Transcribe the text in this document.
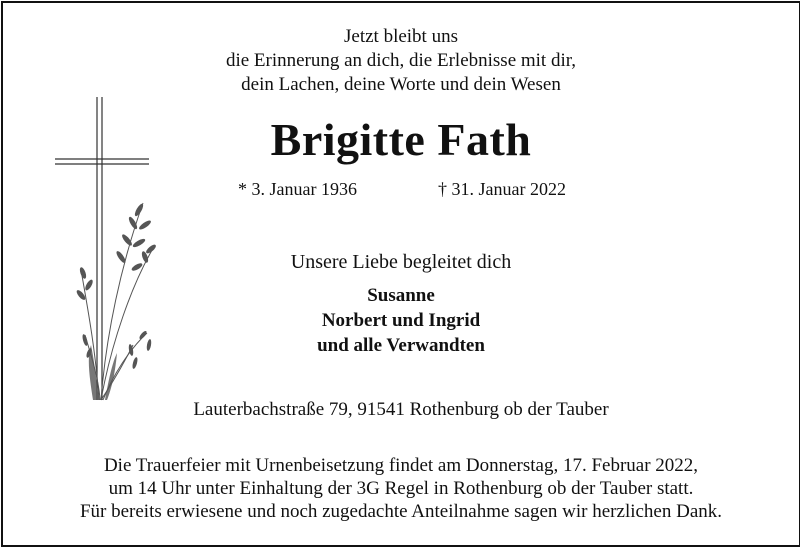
Jetzt bleibt uns
die Erinnerung an dich, die Erlebnisse mit dir,
dein Lachen, deine Worte und dein Wesen
Brigitte Fath
* 3. Januar 1936	† 31. Januar 2022
Unsere Liebe begleitet dich
Susanne
Norbert und Ingrid
und alle Verwandten
Lauterbachstraße 79, 91541 Rothenburg ob der Tauber
Die Trauerfeier mit Urnenbeisetzung findet am Donnerstag, 17. Februar 2022,
um 14 Uhr unter Einhaltung der 3G Regel in Rothenburg ob der Tauber statt.
Für bereits erwiesene und noch zugedachte Anteilnahme sagen wir herzlichen Dank.
